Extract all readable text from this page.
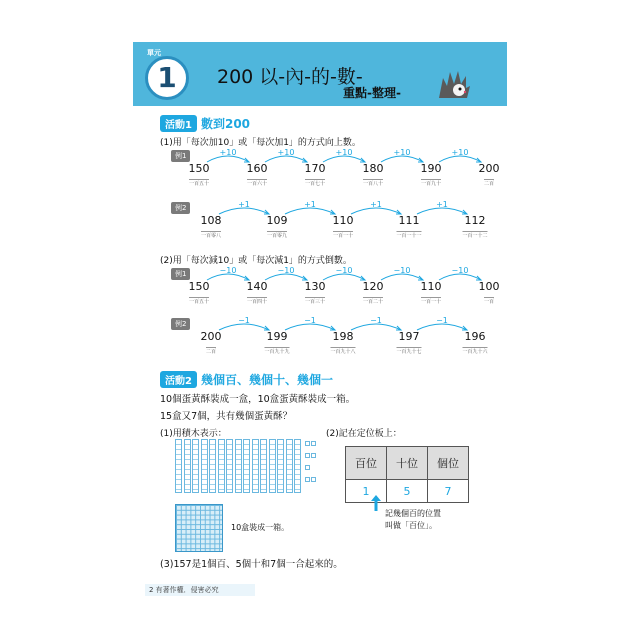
單元
1	200 以-內-的-數-
重點-整理-
活動1 數到200
(1)用「每次加10」或「每次加1」的方式向上數。
例1
150
一百五十
+10
160
一百六十
+10
170
一百七十
+10
180
一百八十
+10
190
一百九十
+10
200
二百
例2
108
一百零八
+1
109
一百零九
+1
110
一百一十
+1
111
一百一十一
+1
112
一百一十二
(2)用「每次減10」或「每次減1」的方式倒數。
例1
150
一百五十
−10
140
一百四十
−10
130
一百三十
−10
120
一百二十
−10
110
一百一十
−10
100
一百
例2
200
二百
−1
199
一百九十九
−1
198
一百九十八
−1
197
一百九十七
−1
196
一百九十六
活動2 幾個百、幾個十、幾個一
10個蛋黃酥裝成一盒，10盒蛋黃酥裝成一箱。
15盒又7個，共有幾個蛋黃酥？
(1)用積木表示：	(2)記在定位板上：
10盒裝成一箱。
百位	十位	個位
1	5	7
記幾個百的位置
叫做「百位」。
(3)157是1個百、5個十和7個一合起來的。
2 有著作權．侵害必究
